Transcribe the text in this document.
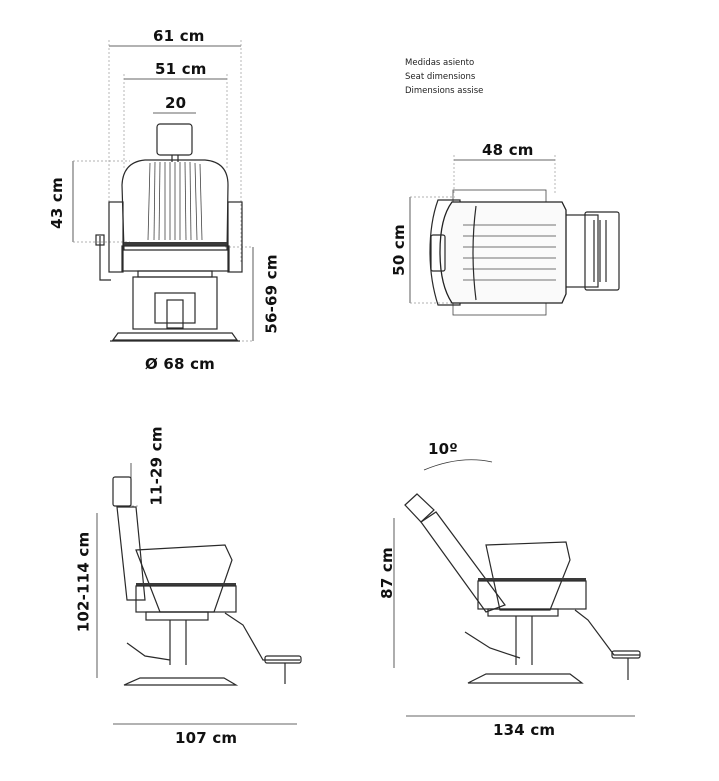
61 cm
51 cm
20
43 cm
56-69 cm
Ø 68 cm
Medidas asiento
Seat dimensions
Dimensions assise
48 cm
50 cm
11-29 cm
102-114 cm
107 cm
10º
87 cm
134 cm
